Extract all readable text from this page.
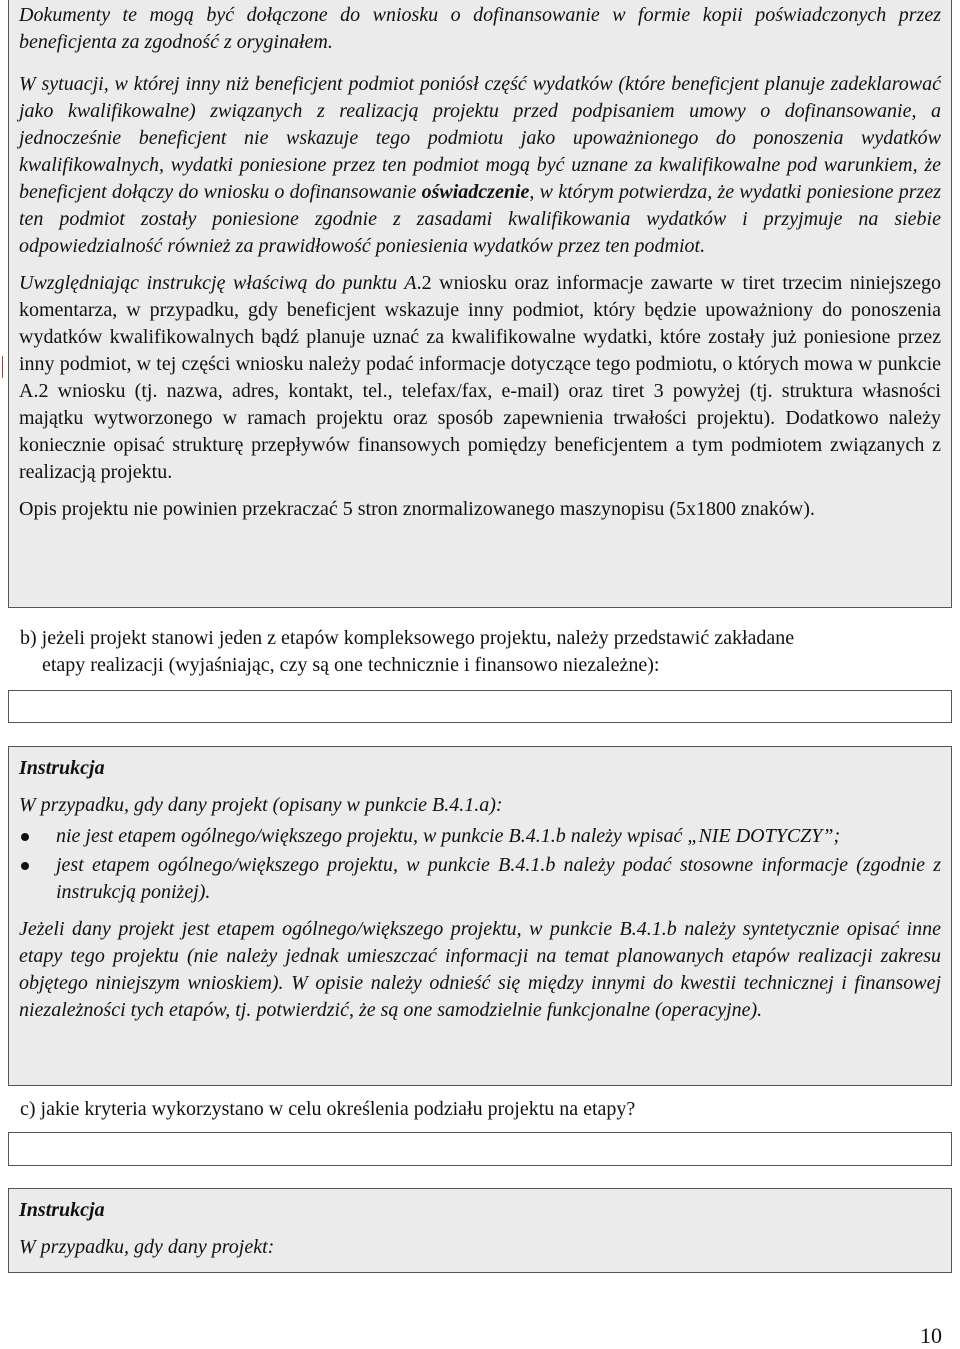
Dokumenty te mogą być dołączone do wniosku o dofinansowanie w formie kopii poświadczonych przez beneficjenta za zgodność z oryginałem.

W sytuacji, w której inny niż beneficjent podmiot poniósł część wydatków (które beneficjent planuje zadeklarować jako kwalifikowalne) związanych z realizacją projektu przed podpisaniem umowy o dofinansowanie, a jednocześnie beneficjent nie wskazuje tego podmiotu jako upoważnionego do ponoszenia wydatków kwalifikowalnych, wydatki poniesione przez ten podmiot mogą być uznane za kwalifikowalne pod warunkiem, że beneficjent dołączy do wniosku o dofinansowanie oświadczenie, w którym potwierdza, że wydatki poniesione przez ten podmiot zostały poniesione zgodnie z zasadami kwalifikowania wydatków i przyjmuje na siebie odpowiedzialność również za prawidłowość poniesienia wydatków przez ten podmiot.

Uwzględniając instrukcję właściwą do punktu A.2 wniosku oraz informacje zawarte w tiret trzecim niniejszego komentarza, w przypadku, gdy beneficjent wskazuje inny podmiot, który będzie upoważniony do ponoszenia wydatków kwalifikowalnych bądź planuje uznać za kwalifikowalne wydatki, które zostały już poniesione przez inny podmiot, w tej części wniosku należy podać informacje dotyczące tego podmiotu, o których mowa w punkcie A.2 wniosku (tj. nazwa, adres, kontakt, tel., telefax/fax, e-mail) oraz tiret 3 powyżej (tj. struktura własności majątku wytworzonego w ramach projektu oraz sposób zapewnienia trwałości projektu). Dodatkowo należy koniecznie opisać strukturę przepływów finansowych pomiędzy beneficjentem a tym podmiotem związanych z realizacją projektu.

Opis projektu nie powinien przekraczać 5 stron znormalizowanego maszynopisu (5x1800 znaków).

b) jeżeli projekt stanowi jeden z etapów kompleksowego projektu, należy przedstawić zakładane
etapy realizacji (wyjaśniając, czy są one technicznie i finansowo niezależne):

Instrukcja

W przypadku, gdy dany projekt (opisany w punkcie B.4.1.a):

nie jest etapem ogólnego/większego projektu, w punkcie B.4.1.b należy wpisać „NIE DOTYCZY”;
jest etapem ogólnego/większego projektu, w punkcie B.4.1.b należy podać stosowne informacje (zgodnie z instrukcją poniżej).

Jeżeli dany projekt jest etapem ogólnego/większego projektu, w punkcie B.4.1.b należy syntetycznie opisać inne etapy tego projektu (nie należy jednak umieszczać informacji na temat planowanych etapów realizacji zakresu objętego niniejszym wnioskiem). W opisie należy odnieść się między innymi do kwestii technicznej i finansowej niezależności tych etapów, tj. potwierdzić, że są one samodzielnie funkcjonalne (operacyjne).

c) jakie kryteria wykorzystano w celu określenia podziału projektu na etapy?

Instrukcja

W przypadku, gdy dany projekt:

10
